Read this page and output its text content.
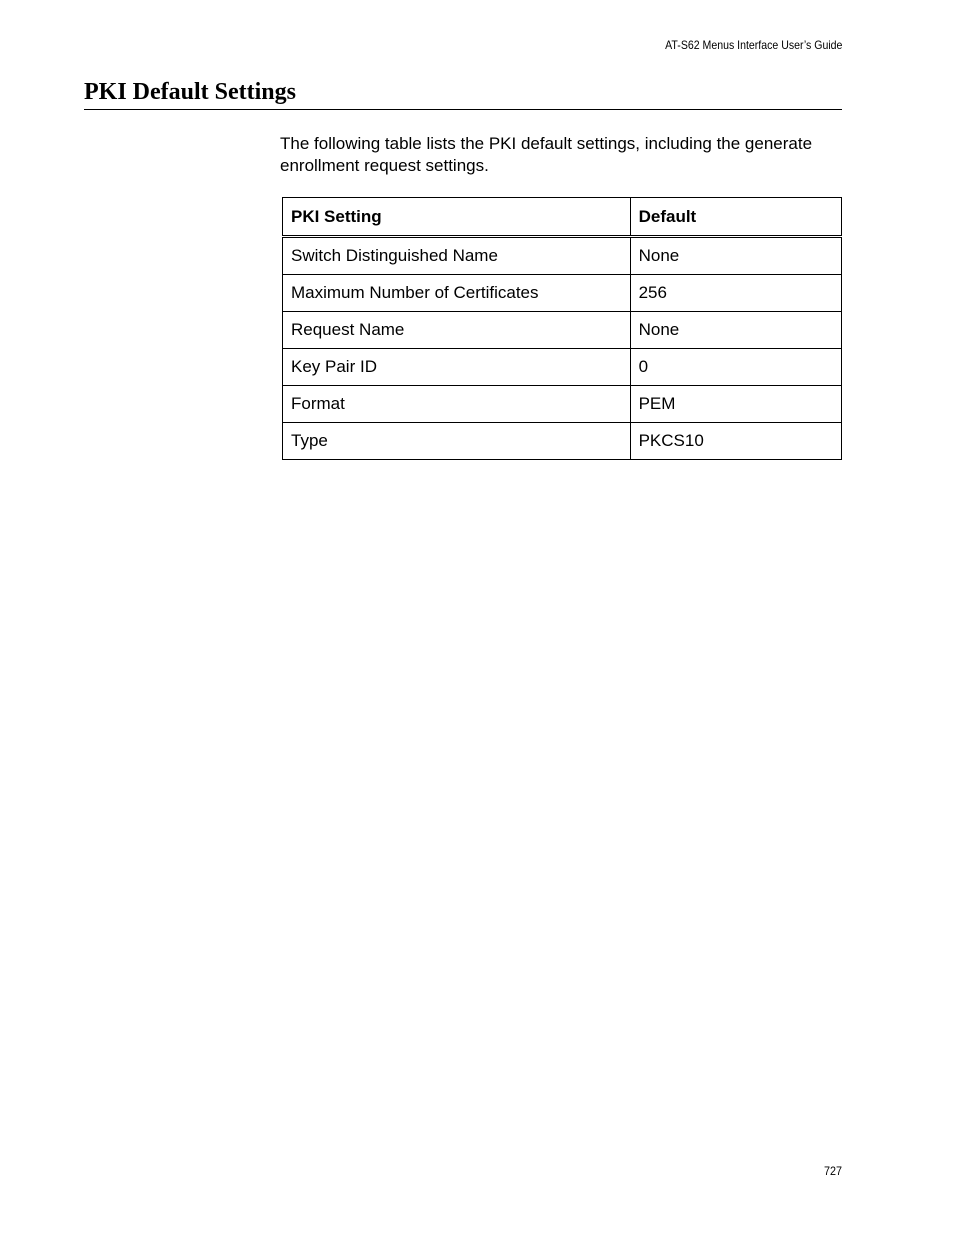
AT-S62 Menus Interface User’s Guide
PKI Default Settings

The following table lists the PKI default settings, including the generate enrollment request settings.

PKI Setting	Default
Switch Distinguished Name	None
Maximum Number of Certificates	256
Request Name	None
Key Pair ID	0
Format	PEM
Type	PKCS10
727
